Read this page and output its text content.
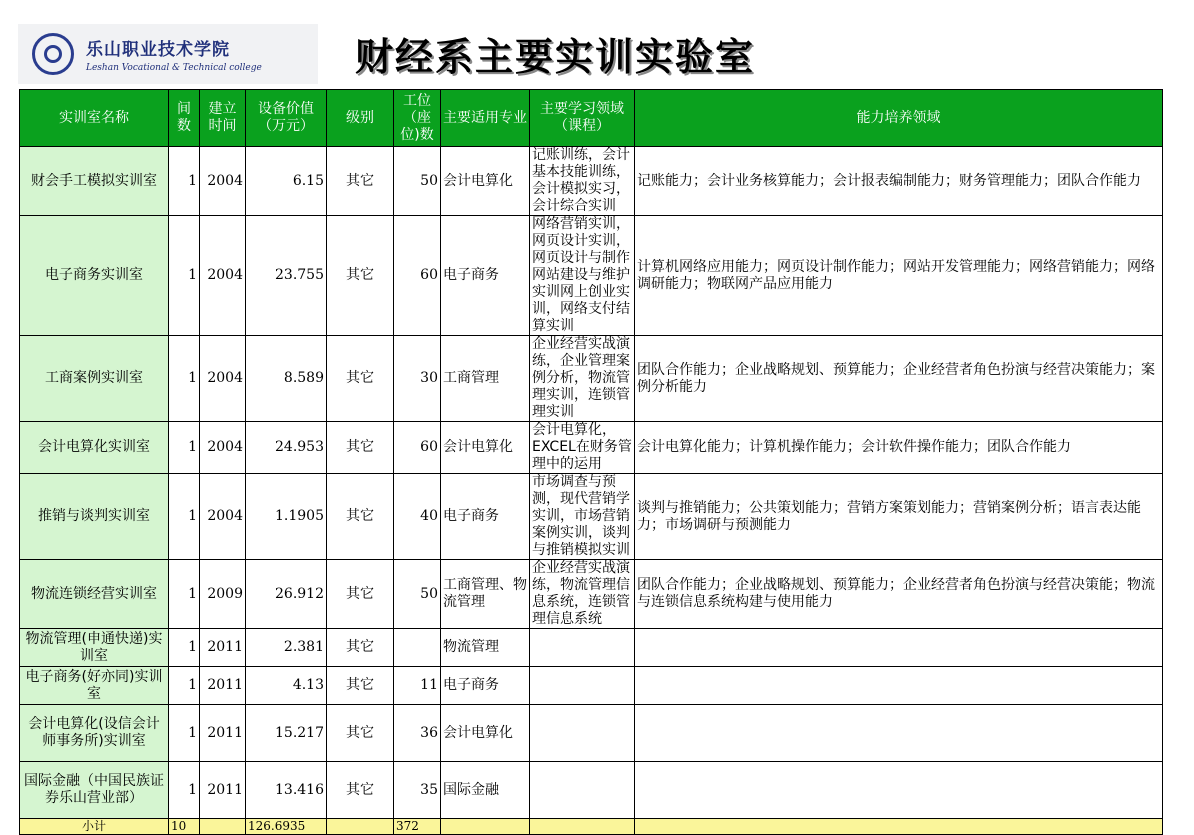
乐山职业技术学院
Leshan Vocational & Technical college 财经系主要实训实验室
实训室名称	间数	建立时间	设备价值（万元）	级别	工位（座位)数	主要适用专业	主要学习领域（课程）	能力培养领域
财会手工模拟实训室	1	2004	6.15	其它	50	会计电算化	记账训练，会计基本技能训练，会计模拟实习，会计综合实训	记账能力；会计业务核算能力；会计报表编制能力；财务管理能力；团队合作能力
电子商务实训室	1	2004	23.755	其它	60	电子商务	网络营销实训，网页设计实训，网页设计与制作网站建设与维护实训网上创业实训，网络支付结算实训	计算机网络应用能力；网页设计制作能力；网站开发管理能力；网络营销能力；网络调研能力；物联网产品应用能力
工商案例实训室	1	2004	8.589	其它	30	工商管理	企业经营实战演练，企业管理案例分析，物流管理实训，连锁管理实训	团队合作能力；企业战略规划、预算能力；企业经营者角色扮演与经营决策能力；案例分析能力
会计电算化实训室	1	2004	24.953	其它	60	会计电算化	会计电算化，EXCEL在财务管理中的运用	会计电算化能力；计算机操作能力；会计软件操作能力；团队合作能力
推销与谈判实训室	1	2004	1.1905	其它	40	电子商务	市场调查与预测，现代营销学实训，市场营销案例实训，谈判与推销模拟实训	谈判与推销能力；公共策划能力；营销方案策划能力；营销案例分析；语言表达能力；市场调研与预测能力
物流连锁经营实训室	1	2009	26.912	其它	50	工商管理、物流管理	企业经营实战演练，物流管理信息系统，连锁管理信息系统	团队合作能力；企业战略规划、预算能力；企业经营者角色扮演与经营决策能；物流与连锁信息系统构建与使用能力
物流管理(申通快递)实训室	1	2011	2.381	其它		物流管理		
电子商务(好亦同)实训室	1	2011	4.13	其它	11	电子商务		
会计电算化(设信会计师事务所)实训室	1	2011	15.217	其它	36	会计电算化		
国际金融（中国民族证券乐山营业部）	1	2011	13.416	其它	35	国际金融		
小计	10		126.6935		372			
